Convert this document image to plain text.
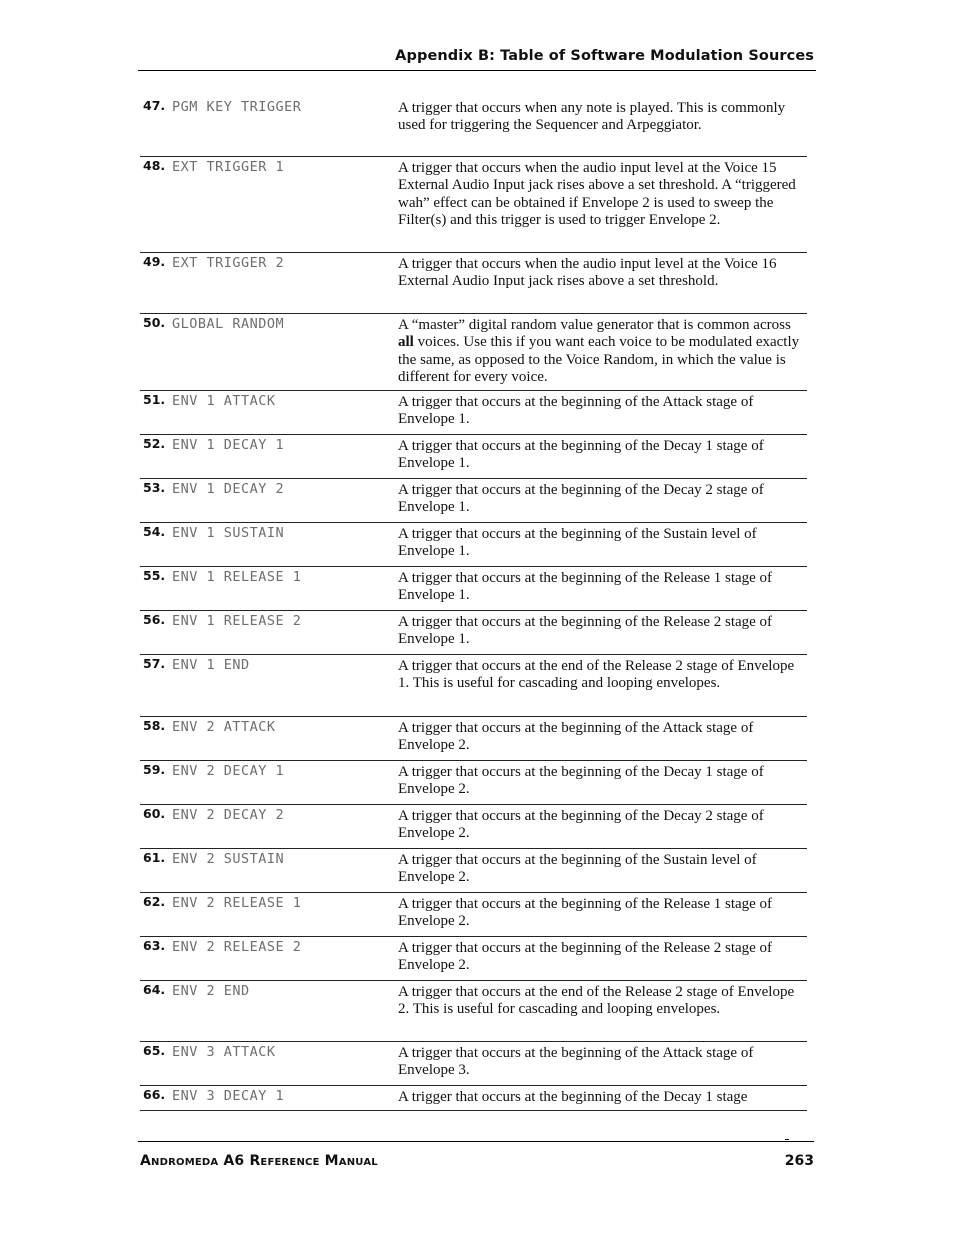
Appendix B: Table of Software Modulation Sources
47. PGM KEY TRIGGER	A trigger that occurs when any note is played. This is commonly used for triggering the Sequencer and Arpeggiator.
48. EXT TRIGGER 1	A trigger that occurs when the audio input level at the Voice 15 External Audio Input jack rises above a set threshold. A “triggered wah” effect can be obtained if Envelope 2 is used to sweep the Filter(s) and this trigger is used to trigger Envelope 2.
49. EXT TRIGGER 2	A trigger that occurs when the audio input level at the Voice 16 External Audio Input jack rises above a set threshold.
50. GLOBAL RANDOM	A “master” digital random value generator that is common across all voices. Use this if you want each voice to be modulated exactly the same, as opposed to the Voice Random, in which the value is different for every voice.
51. ENV 1 ATTACK	A trigger that occurs at the beginning of the Attack stage of Envelope 1.
52. ENV 1 DECAY 1	A trigger that occurs at the beginning of the Decay 1 stage of Envelope 1.
53. ENV 1 DECAY 2	A trigger that occurs at the beginning of the Decay 2 stage of Envelope 1.
54. ENV 1 SUSTAIN	A trigger that occurs at the beginning of the Sustain level of Envelope 1.
55. ENV 1 RELEASE 1	A trigger that occurs at the beginning of the Release 1 stage of Envelope 1.
56. ENV 1 RELEASE 2	A trigger that occurs at the beginning of the Release 2 stage of Envelope 1.
57. ENV 1 END	A trigger that occurs at the end of the Release 2 stage of Envelope 1. This is useful for cascading and looping envelopes.
58. ENV 2 ATTACK	A trigger that occurs at the beginning of the Attack stage of Envelope 2.
59. ENV 2 DECAY 1	A trigger that occurs at the beginning of the Decay 1 stage of Envelope 2.
60. ENV 2 DECAY 2	A trigger that occurs at the beginning of the Decay 2 stage of Envelope 2.
61. ENV 2 SUSTAIN	A trigger that occurs at the beginning of the Sustain level of Envelope 2.
62. ENV 2 RELEASE 1	A trigger that occurs at the beginning of the Release 1 stage of Envelope 2.
63. ENV 2 RELEASE 2	A trigger that occurs at the beginning of the Release 2 stage of Envelope 2.
64. ENV 2 END	A trigger that occurs at the end of the Release 2 stage of Envelope 2. This is useful for cascading and looping envelopes.
65. ENV 3 ATTACK	A trigger that occurs at the beginning of the Attack stage of Envelope 3.
66. ENV 3 DECAY 1	A trigger that occurs at the beginning of the Decay 1 stage
Andromeda A6 Reference Manual	263
